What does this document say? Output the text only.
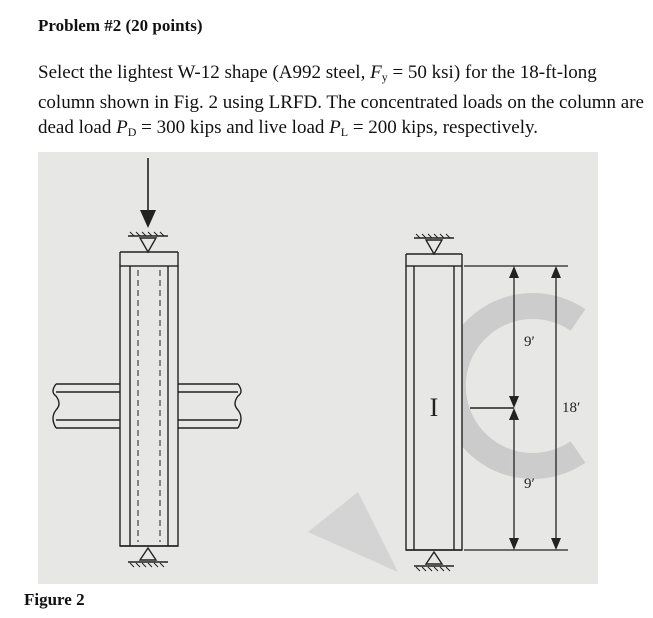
Problem #2 (20 points)
Select the lightest W-12 shape (A992 steel, $F_y = 50$ ksi) for the 18-ft-long column shown in Fig. 2 using LRFD. The concentrated loads on the column are dead load $P_D = 300$ kips and live load $P_L = 200$ kips, respectively.
I
9′
9′
18′
Figure 2
